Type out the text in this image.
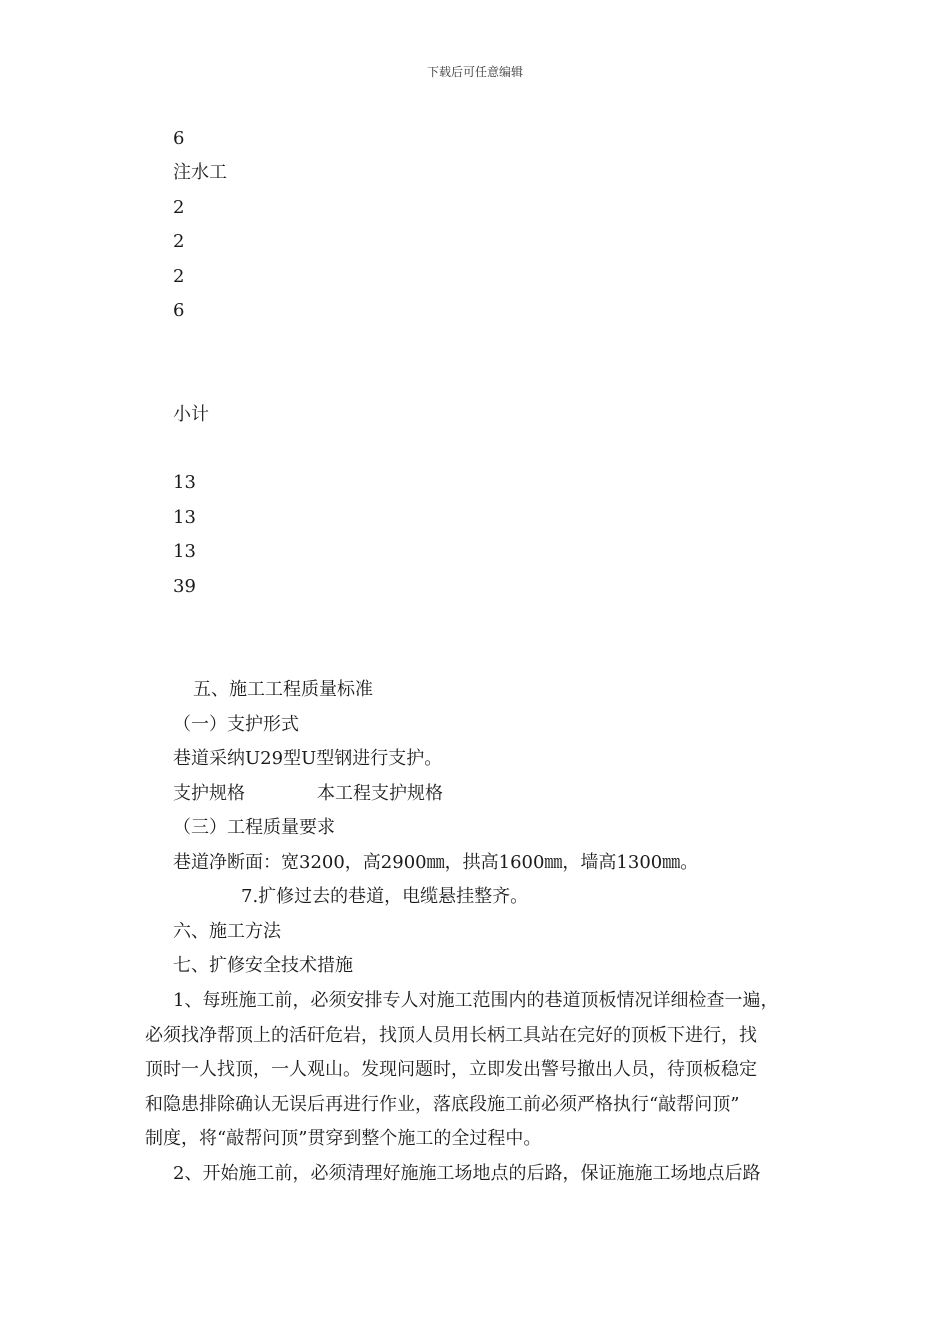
下载后可任意编辑
6
注水工
2
2
2
6
小计
13
13
13
39
五、施工工程质量标准
（一）支护形式
巷道采纳U29型U型钢进行支护。
支护规格	本工程支护规格
（三）工程质量要求
巷道净断面：宽3200，高2900㎜，拱高1600㎜，墙高1300㎜。
7.扩修过去的巷道，电缆悬挂整齐。
六、施工方法
七、扩修安全技术措施
1、每班施工前，必须安排专人对施工范围内的巷道顶板情况详细检查一遍，
必须找净帮顶上的活矸危岩，找顶人员用长柄工具站在完好的顶板下进行，找
顶时一人找顶，一人观山。发现问题时，立即发出警号撤出人员，待顶板稳定
和隐患排除确认无误后再进行作业，落底段施工前必须严格执行“敲帮问顶”
制度，将“敲帮问顶”贯穿到整个施工的全过程中。
2、开始施工前，必须清理好施施工场地点的后路，保证施施工场地点后路
